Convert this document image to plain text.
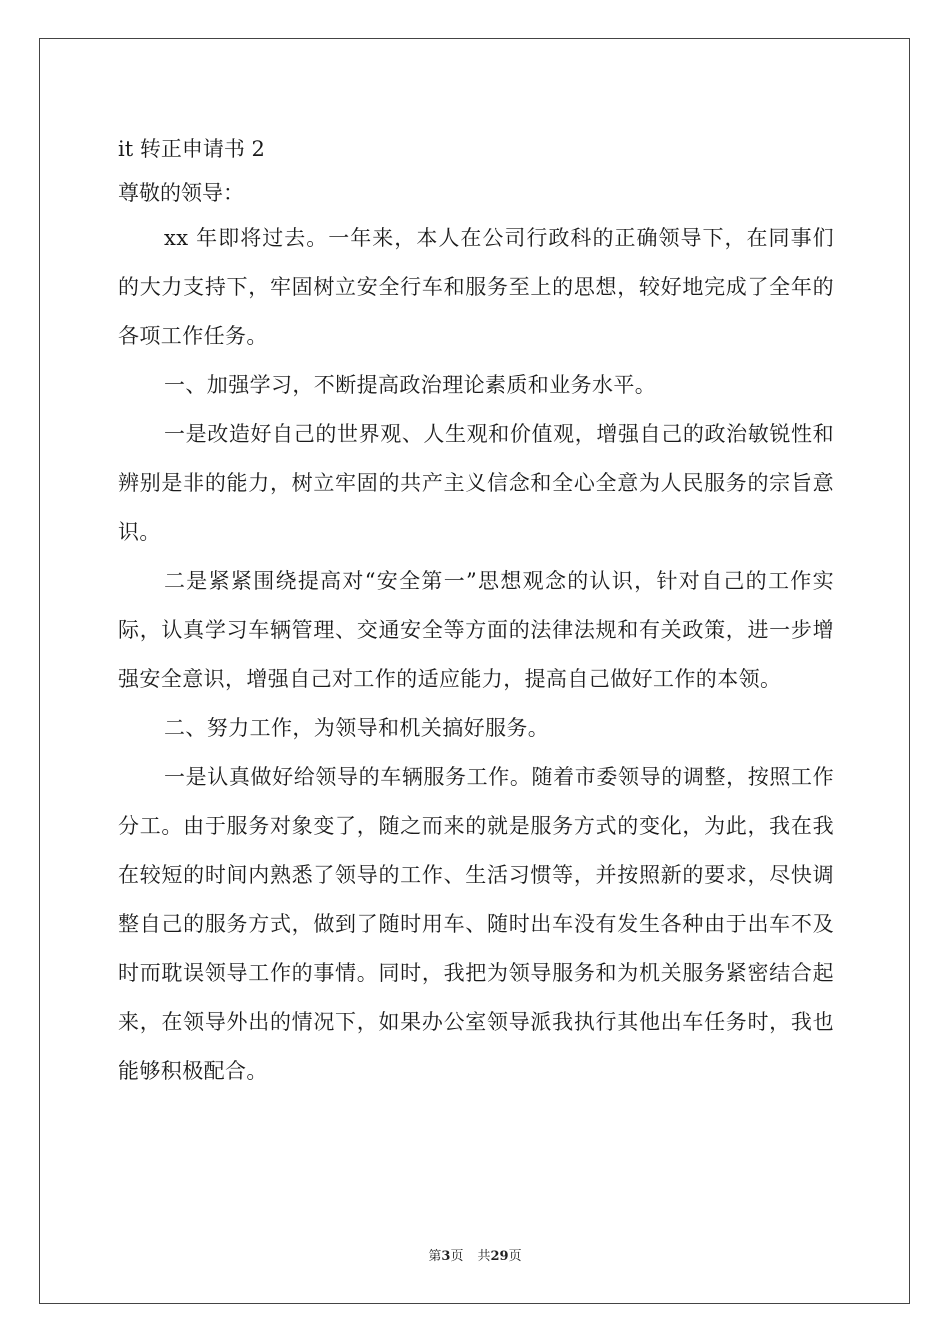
it 转正申请书 2

尊敬的领导：

xx 年即将过去。一年来，本人在公司行政科的正确领导下，在同事们的大力支持下，牢固树立安全行车和服务至上的思想，较好地完成了全年的各项工作任务。

一、加强学习，不断提高政治理论素质和业务水平。

一是改造好自己的世界观、人生观和价值观，增强自己的政治敏锐性和辨别是非的能力，树立牢固的共产主义信念和全心全意为人民服务的宗旨意识。

二是紧紧围绕提高对“安全第一”思想观念的认识，针对自己的工作实际，认真学习车辆管理、交通安全等方面的法律法规和有关政策，进一步增强安全意识，增强自己对工作的适应能力，提高自己做好工作的本领。

二、努力工作，为领导和机关搞好服务。

一是认真做好给领导的车辆服务工作。随着市委领导的调整，按照工作分工。由于服务对象变了，随之而来的就是服务方式的变化，为此，我在我在较短的时间内熟悉了领导的工作、生活习惯等，并按照新的要求，尽快调整自己的服务方式，做到了随时用车、随时出车没有发生各种由于出车不及时而耽误领导工作的事情。同时，我把为领导服务和为机关服务紧密结合起来，在领导外出的情况下，如果办公室领导派我执行其他出车任务时，我也能够积极配合。

第3页 共29页
